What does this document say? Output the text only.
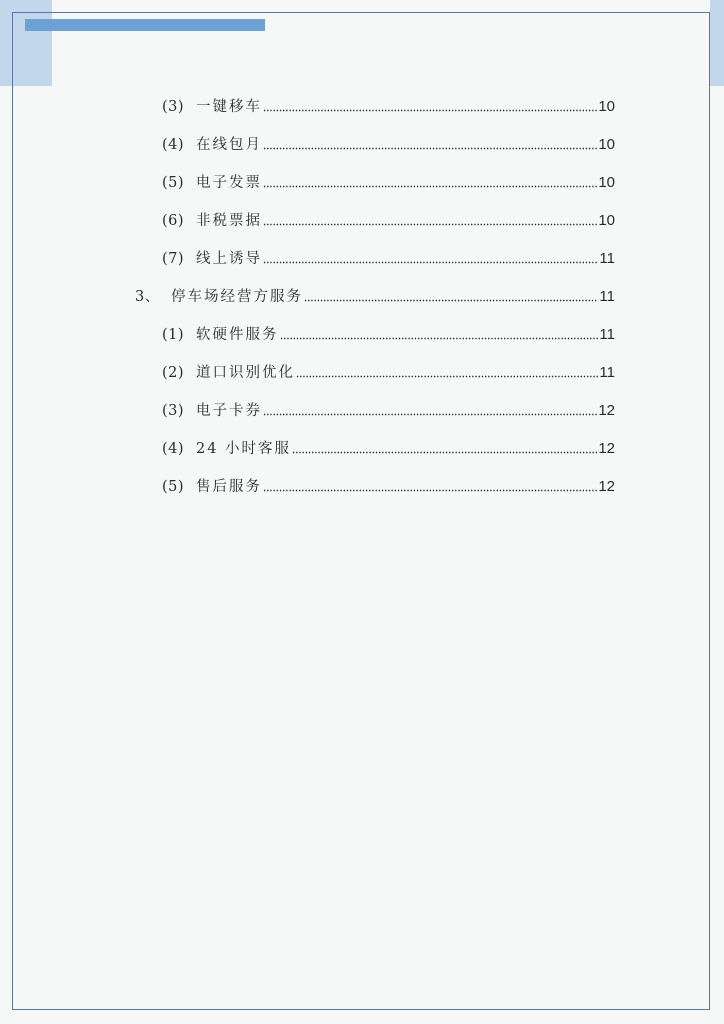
(3) 一键移车	10
(4) 在线包月	10
(5) 电子发票	10
(6) 非税票据	10
(7) 线上诱导	11
3、 停车场经营方服务	11
(1) 软硬件服务	11
(2) 道口识别优化	11
(3) 电子卡券	12
(4) 24 小时客服	12
(5) 售后服务	12
